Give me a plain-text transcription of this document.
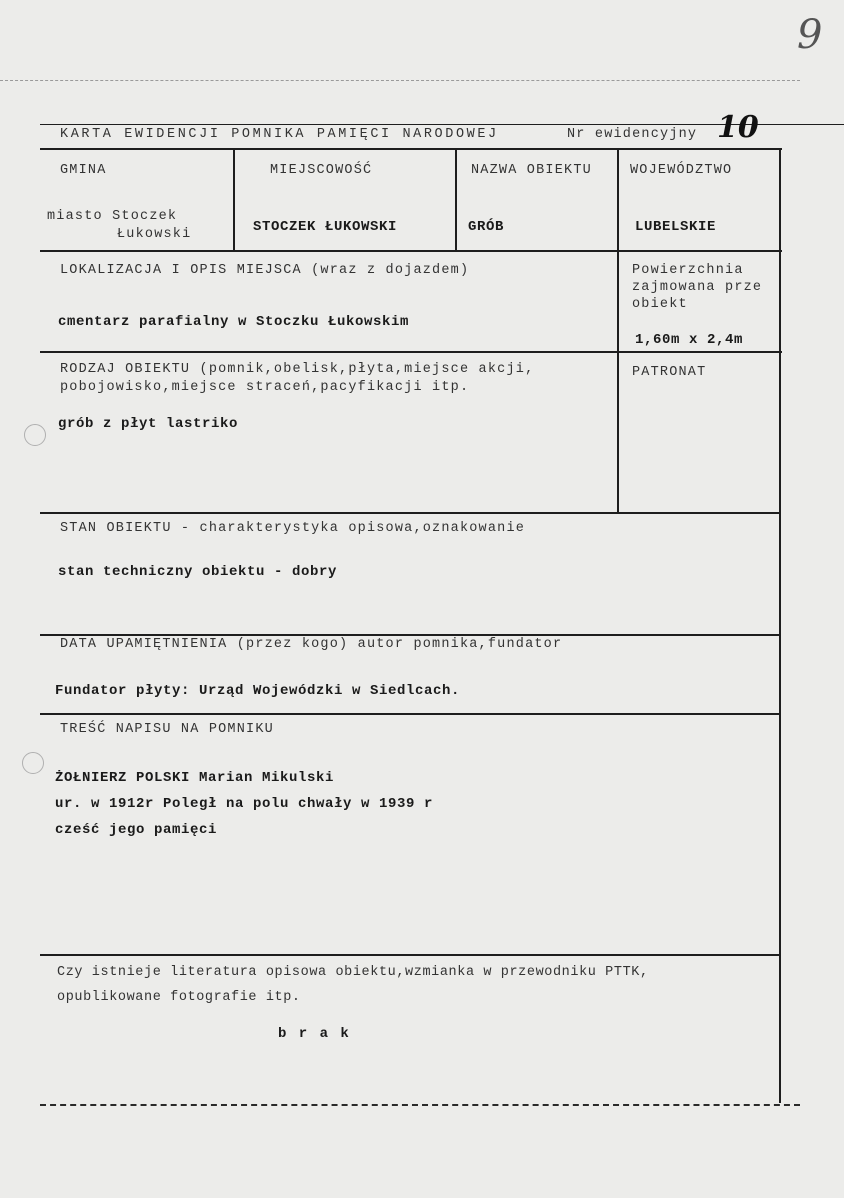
9
KARTA EWIDENCJI POMNIKA PAMIĘCI NARODOWEJ	Nr ewidencyjny 10
GMINA
miasto Stoczek
Łukowski
MIEJSCOWOŚĆ
STOCZEK ŁUKOWSKI
NAZWA OBIEKTU
GRÓB
WOJEWÓDZTWO
LUBELSKIE
LOKALIZACJA I OPIS MIEJSCA (wraz z dojazdem)
cmentarz parafialny w Stoczku Łukowskim
Powierzchnia
zajmowana prze
obiekt
1,60m x 2,4m
RODZAJ OBIEKTU (pomnik,obelisk,płyta,miejsce akcji,
pobojowisko,miejsce straceń,pacyfikacji itp.
grób z płyt lastriko
PATRONAT
STAN OBIEKTU - charakterystyka opisowa,oznakowanie
stan techniczny obiektu - dobry
DATA UPAMIĘTNIENIA (przez kogo) autor pomnika,fundator
Fundator płyty: Urząd Wojewódzki w Siedlcach.
TREŚĆ NAPISU NA POMNIKU
ŻOŁNIERZ POLSKI Marian Mikulski
ur. w 1912r Poległ na polu chwały w 1939 r
cześć jego pamięci
Czy istnieje literatura opisowa obiektu,wzmianka w przewodniku PTTK,
opublikowane fotografie itp.
b r a k
